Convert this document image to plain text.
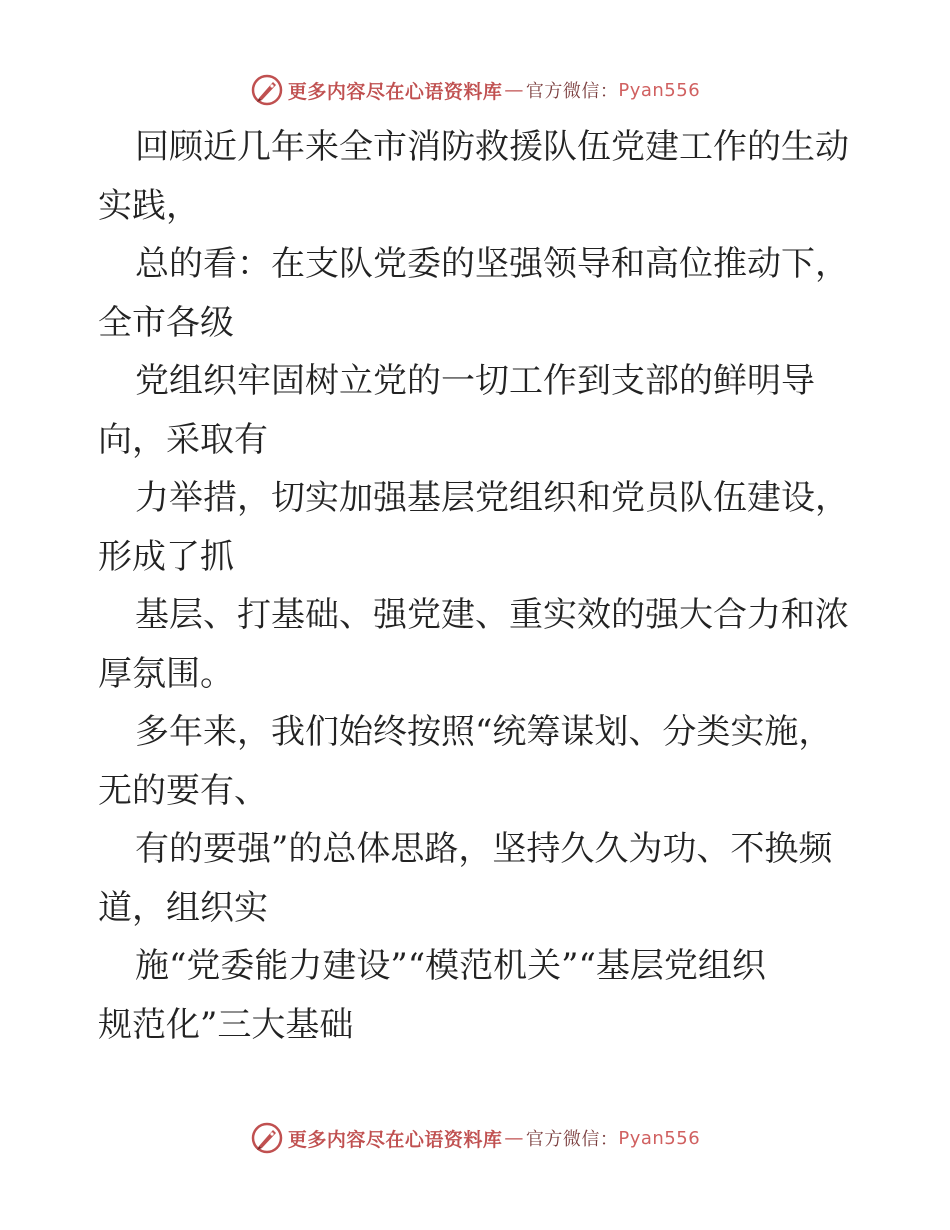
更多内容尽在心语资料库 — 官方微信： Pyan556
回顾近几年来全市消防救援队伍党建工作的生动
实践，
总的看：在支队党委的坚强领导和高位推动下，
全市各级
党组织牢固树立党的一切工作到支部的鲜明导
向，采取有
力举措，切实加强基层党组织和党员队伍建设，
形成了抓
基层、打基础、强党建、重实效的强大合力和浓
厚氛围。
多年来，我们始终按照“统筹谋划、分类实施，
无的要有、
有的要强”的总体思路，坚持久久为功、不换频
道，组织实
施“党委能力建设”“模范机关”“基层党组织
规范化”三大基础
更多内容尽在心语资料库 — 官方微信： Pyan556
